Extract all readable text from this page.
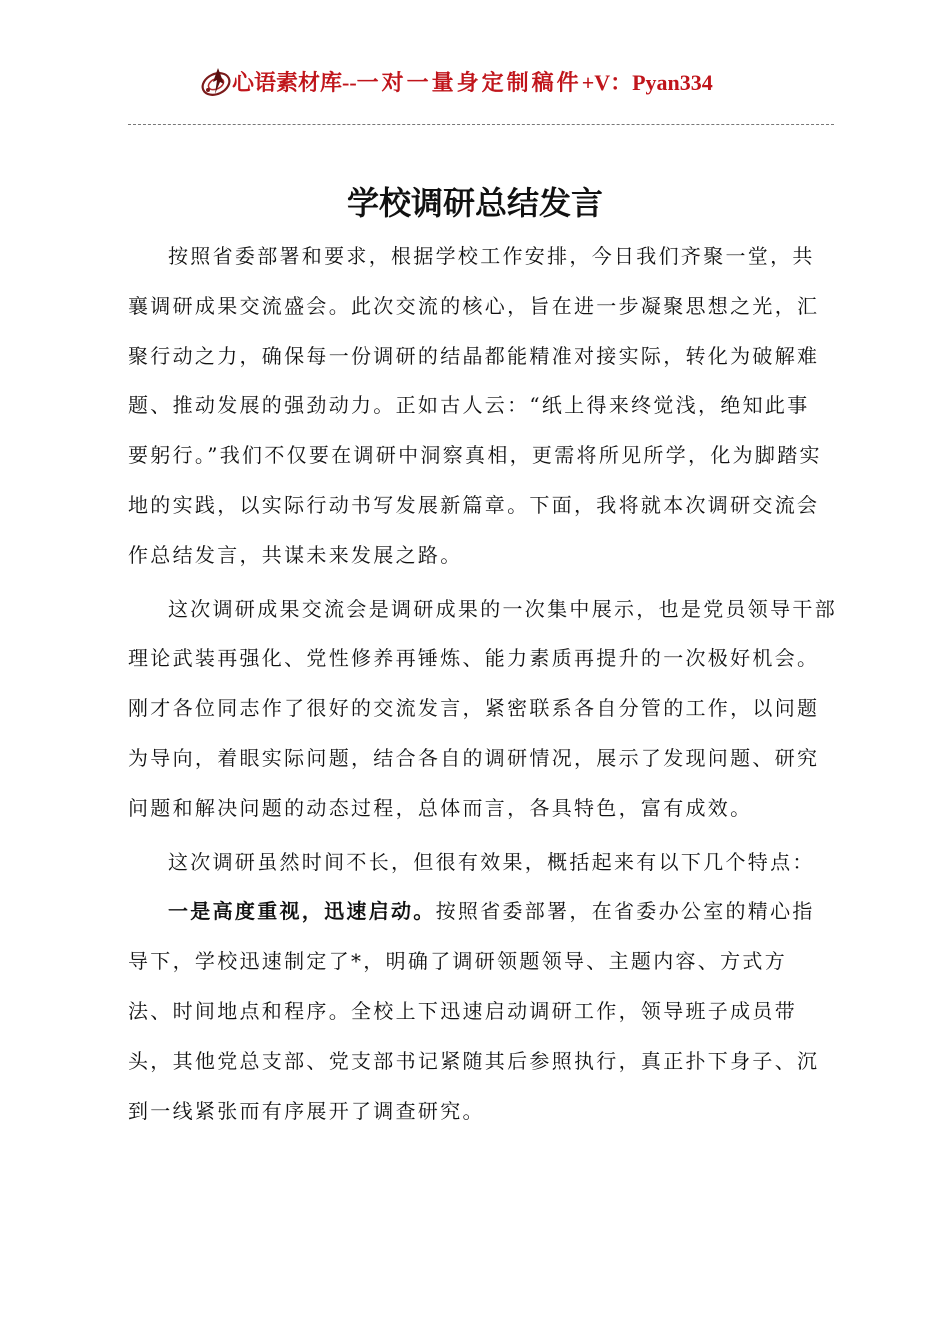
心语素材库--一对一量身定制稿件+V：Pyan334
学校调研总结发言

按照省委部署和要求，根据学校工作安排，今日我们齐聚一堂，共襄调研成果交流盛会。此次交流的核心，旨在进一步凝聚思想之光，汇聚行动之力，确保每一份调研的结晶都能精准对接实际，转化为破解难题、推动发展的强劲动力。正如古人云：“纸上得来终觉浅，绝知此事要躬行。”我们不仅要在调研中洞察真相，更需将所见所学，化为脚踏实地的实践，以实际行动书写发展新篇章。下面，我将就本次调研交流会作总结发言，共谋未来发展之路。

这次调研成果交流会是调研成果的一次集中展示，也是党员领导干部理论武装再强化、党性修养再锤炼、能力素质再提升的一次极好机会。刚才各位同志作了很好的交流发言，紧密联系各自分管的工作，以问题为导向，着眼实际问题，结合各自的调研情况，展示了发现问题、研究问题和解决问题的动态过程，总体而言，各具特色，富有成效。

这次调研虽然时间不长，但很有效果，概括起来有以下几个特点：

一是高度重视，迅速启动。按照省委部署，在省委办公室的精心指导下，学校迅速制定了*，明确了调研领题领导、主题内容、方式方法、时间地点和程序。全校上下迅速启动调研工作，领导班子成员带头，其他党总支部、党支部书记紧随其后参照执行，真正扑下身子、沉到一线紧张而有序展开了调查研究。
